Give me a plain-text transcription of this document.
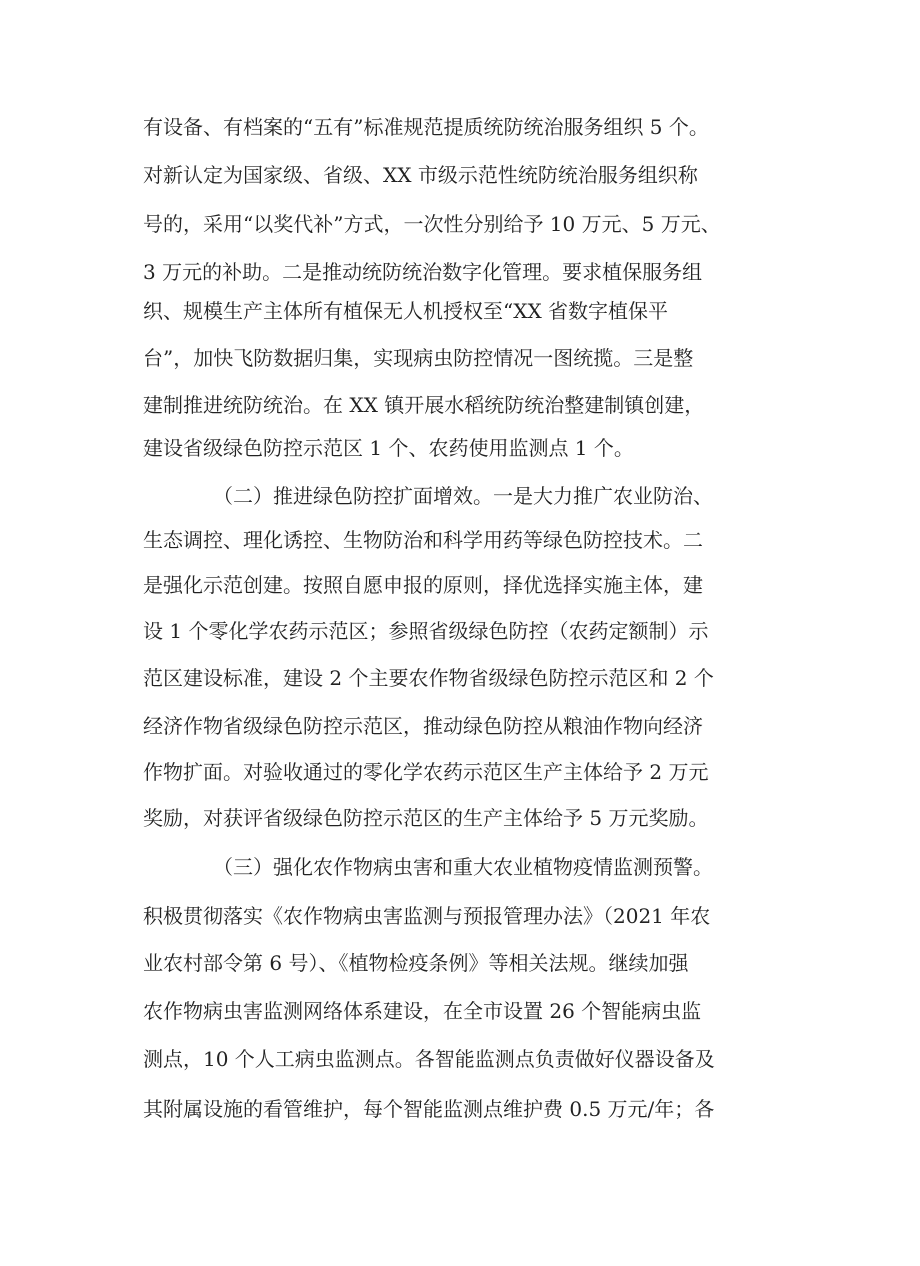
有设备、有档案的“五有”标准规范提质统防统治服务组织 5 个。

对新认定为国家级、省级、XX 市级示范性统防统治服务组织称

号的，采用“以奖代补”方式，一次性分别给予 10 万元、5 万元、

3 万元的补助。二是推动统防统治数字化管理。要求植保服务组

织、规模生产主体所有植保无人机授权至“XX 省数字植保平

台”，加快飞防数据归集，实现病虫防控情况一图统揽。三是整

建制推进统防统治。在 XX 镇开展水稻统防统治整建制镇创建，

建设省级绿色防控示范区 1 个、农药使用监测点 1 个。

（二）推进绿色防控扩面增效。一是大力推广农业防治、

生态调控、理化诱控、生物防治和科学用药等绿色防控技术。二

是强化示范创建。按照自愿申报的原则，择优选择实施主体，建

设 1 个零化学农药示范区；参照省级绿色防控（农药定额制）示

范区建设标准，建设 2 个主要农作物省级绿色防控示范区和 2 个

经济作物省级绿色防控示范区，推动绿色防控从粮油作物向经济

作物扩面。对验收通过的零化学农药示范区生产主体给予 2 万元

奖励，对获评省级绿色防控示范区的生产主体给予 5 万元奖励。

（三）强化农作物病虫害和重大农业植物疫情监测预警。

积极贯彻落实《农作物病虫害监测与预报管理办法》（2021 年农

业农村部令第 6 号）、《植物检疫条例》等相关法规。继续加强

农作物病虫害监测网络体系建设，在全市设置 26 个智能病虫监

测点，10 个人工病虫监测点。各智能监测点负责做好仪器设备及

其附属设施的看管维护，每个智能监测点维护费 0.5 万元/年；各
